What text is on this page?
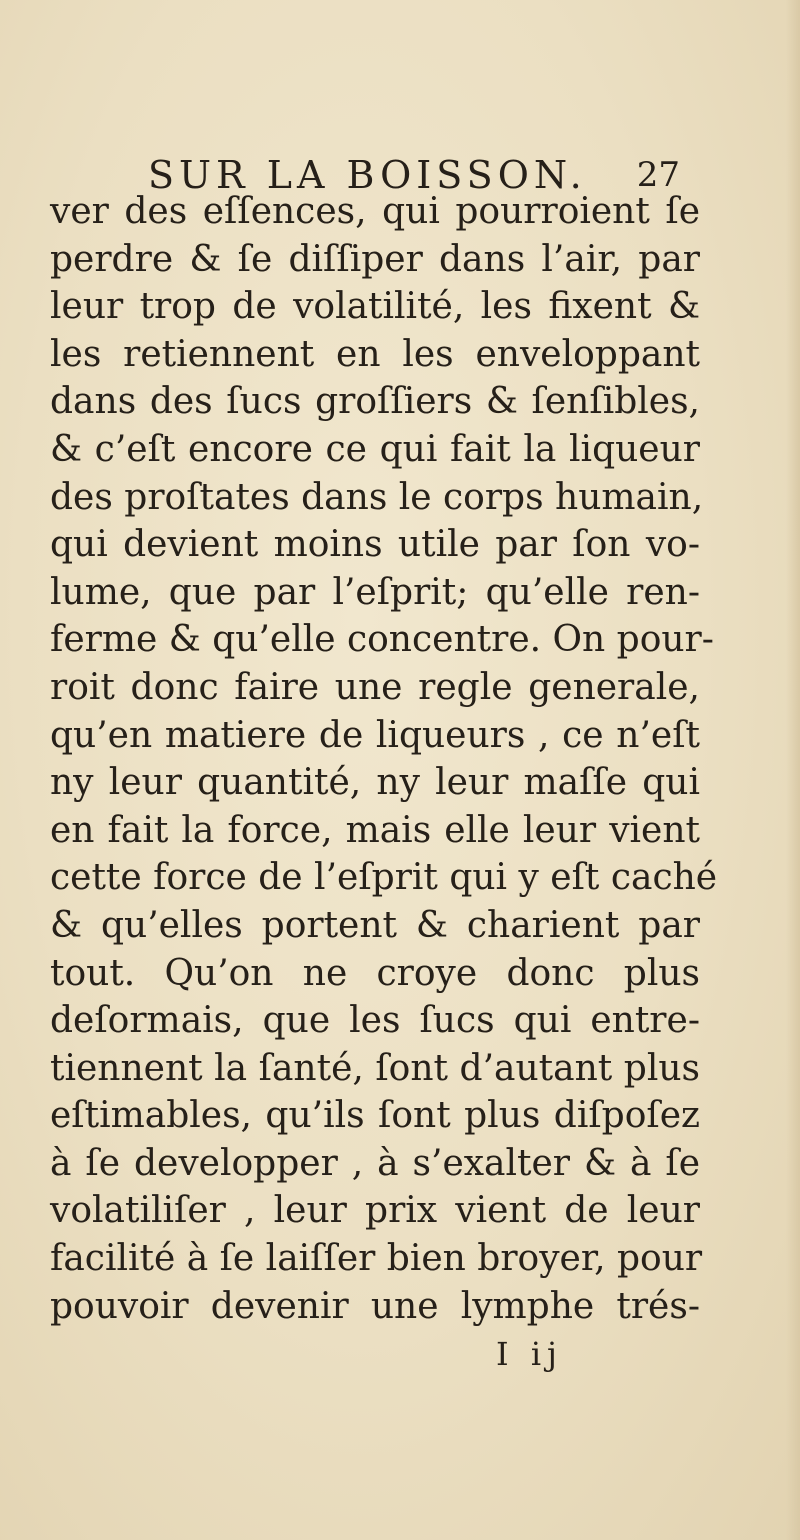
SUR LA BOISSON. 27
ver des eſſences, qui pourroient ſe
perdre & ſe diſſiper dans l’air, par
leur trop de volatilité, les fixent &
les retiennent en les enveloppant
dans des ſucs groſſiers & ſenſibles,
& c’eſt encore ce qui fait la liqueur
des proſtates dans le corps humain,
qui devient moins utile par ſon vo-
lume, que par l’eſprit; qu’elle ren-
ferme & qu’elle concentre. On pour-
roit donc faire une regle generale,
qu’en matiere de liqueurs , ce n’eſt
ny leur quantité, ny leur maſſe qui
en fait la force, mais elle leur vient
cette force de l’eſprit qui y eſt caché
& qu’elles portent & charient par
tout. Qu’on ne croye donc plus
deſormais, que les ſucs qui entre-
tiennent la ſanté, ſont d’autant plus
eſtimables, qu’ils ſont plus diſpoſez
à ſe developper , à s’exalter & à ſe
volatiliſer , leur prix vient de leur
facilité à ſe laiſſer bien broyer, pour
pouvoir devenir une lymphe trés-
I ij
